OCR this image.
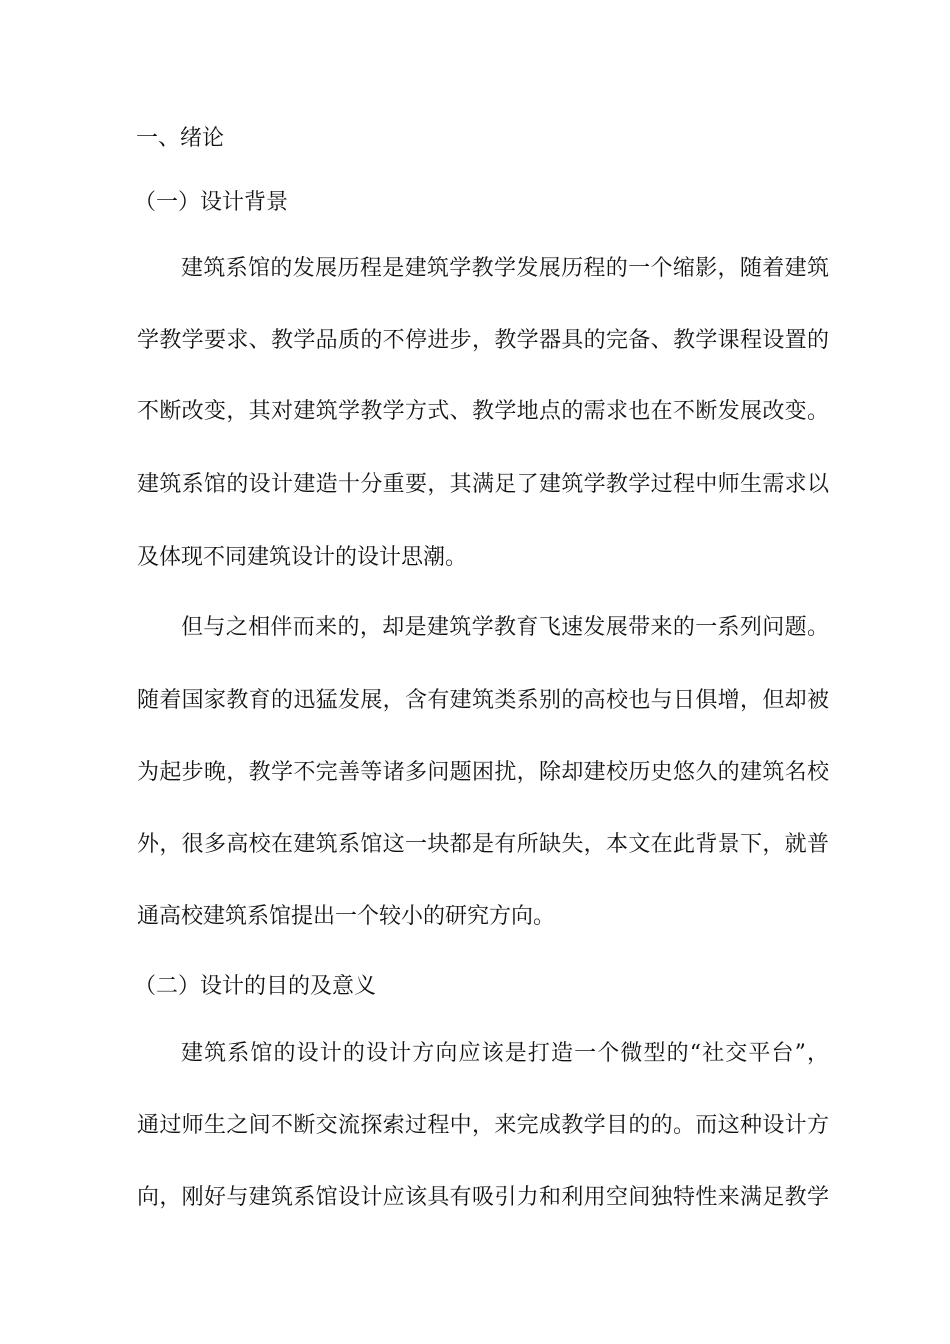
一、绪论
（一）设计背景
建筑系馆的发展历程是建筑学教学发展历程的一个缩影，随着建筑
学教学要求、教学品质的不停进步，教学器具的完备、教学课程设置的
不断改变，其对建筑学教学方式、教学地点的需求也在不断发展改变。
建筑系馆的设计建造十分重要，其满足了建筑学教学过程中师生需求以
及体现不同建筑设计的设计思潮。
但与之相伴而来的，却是建筑学教育飞速发展带来的一系列问题。
随着国家教育的迅猛发展，含有建筑类系别的高校也与日俱增，但却被
为起步晚，教学不完善等诸多问题困扰，除却建校历史悠久的建筑名校
外，很多高校在建筑系馆这一块都是有所缺失，本文在此背景下，就普
通高校建筑系馆提出一个较小的研究方向。
（二）设计的目的及意义
建筑系馆的设计的设计方向应该是打造一个微型的“社交平台”，
通过师生之间不断交流探索过程中，来完成教学目的的。而这种设计方
向，刚好与建筑系馆设计应该具有吸引力和利用空间独特性来满足教学
